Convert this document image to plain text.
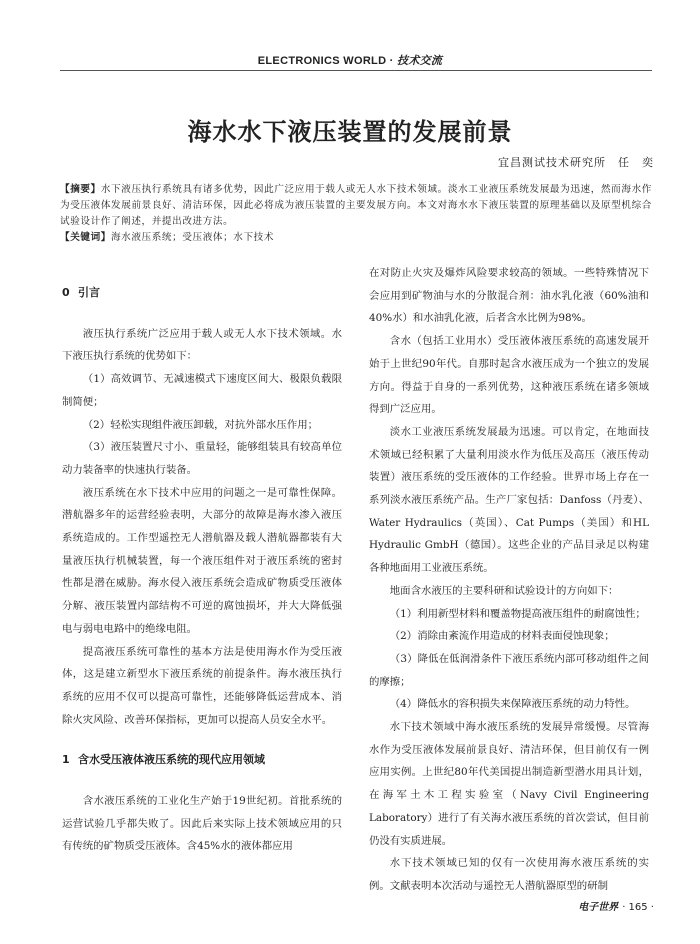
ELECTRONICS WORLD · 技术交流
海水水下液压装置的发展前景
宜昌测试技术研究所　任　奕
【摘要】水下液压执行系统具有诸多优势，因此广泛应用于载人或无人水下技术领域。淡水工业液压系统发展最为迅速，然而海水作为受压液体发展前景良好、清洁环保，因此必将成为液压装置的主要发展方向。本文对海水水下液压装置的原理基础以及原型机综合试验设计作了阐述，并提出改进方法。
【关键词】海水液压系统；受压液体；水下技术

0 引言

液压执行系统广泛应用于载人或无人水下技术领域。水下液压执行系统的优势如下：

（1）高效调节、无减速模式下速度区间大、极限负载限制简便；

（2）轻松实现组件液压卸载，对抗外部水压作用；

（3）液压装置尺寸小、重量轻，能够组装具有较高单位动力装备率的快速执行装备。

液压系统在水下技术中应用的问题之一是可靠性保障。潜航器多年的运营经验表明，大部分的故障是海水渗入液压系统造成的。工作型遥控无人潜航器及载人潜航器都装有大量液压执行机械装置，每一个液压组件对于液压系统的密封性都是潜在威胁。海水侵入液压系统会造成矿物质受压液体分解、液压装置内部结构不可逆的腐蚀损坏，并大大降低强电与弱电电路中的绝缘电阻。

提高液压系统可靠性的基本方法是使用海水作为受压液体，这是建立新型水下液压系统的前提条件。海水液压执行系统的应用不仅可以提高可靠性，还能够降低运营成本、消除火灾风险、改善环保指标，更加可以提高人员安全水平。

1 含水受压液体液压系统的现代应用领域

含水液压系统的工业化生产始于19世纪初。首批系统的运营试验几乎都失败了。因此后来实际上技术领域应用的只有传统的矿物质受压液体。含45%水的液体都应用

在对防止火灾及爆炸风险要求较高的领域。一些特殊情况下会应用到矿物油与水的分散混合剂：油水乳化液（60%油和40%水）和水油乳化液，后者含水比例为98%。

含水（包括工业用水）受压液体液压系统的高速发展开始于上世纪90年代。自那时起含水液压成为一个独立的发展方向。得益于自身的一系列优势，这种液压系统在诸多领域得到广泛应用。

淡水工业液压系统发展最为迅速。可以肯定，在地面技术领域已经积累了大量利用淡水作为低压及高压（液压传动装置）液压系统的受压液体的工作经验。世界市场上存在一系列淡水液压系统产品。生产厂家包括：Danfoss（丹麦）、Water Hydraulics（英国）、Cat Pumps（美国）和HL Hydraulic GmbH（德国）。这些企业的产品目录足以构建各种地面用工业液压系统。

地面含水液压的主要科研和试验设计的方向如下：

（1）利用新型材料和覆盖物提高液压组件的耐腐蚀性；

（2）消除由紊流作用造成的材料表面侵蚀现象；

（3）降低在低润滑条件下液压系统内部可移动组件之间的摩擦；

（4）降低水的容积损失来保障液压系统的动力特性。

水下技术领域中海水液压系统的发展异常缓慢。尽管海水作为受压液体发展前景良好、清洁环保，但目前仅有一例应用实例。上世纪80年代美国提出制造新型潜水用具计划，在海军土木工程实验室（Navy Civil Engineering Laboratory）进行了有关海水液压系统的首次尝试，但目前仍没有实质进展。

水下技术领域已知的仅有一次使用海水液压系统的实例。文献表明本次活动与遥控无人潜航器原型的研制

电子世界 · 165 ·
